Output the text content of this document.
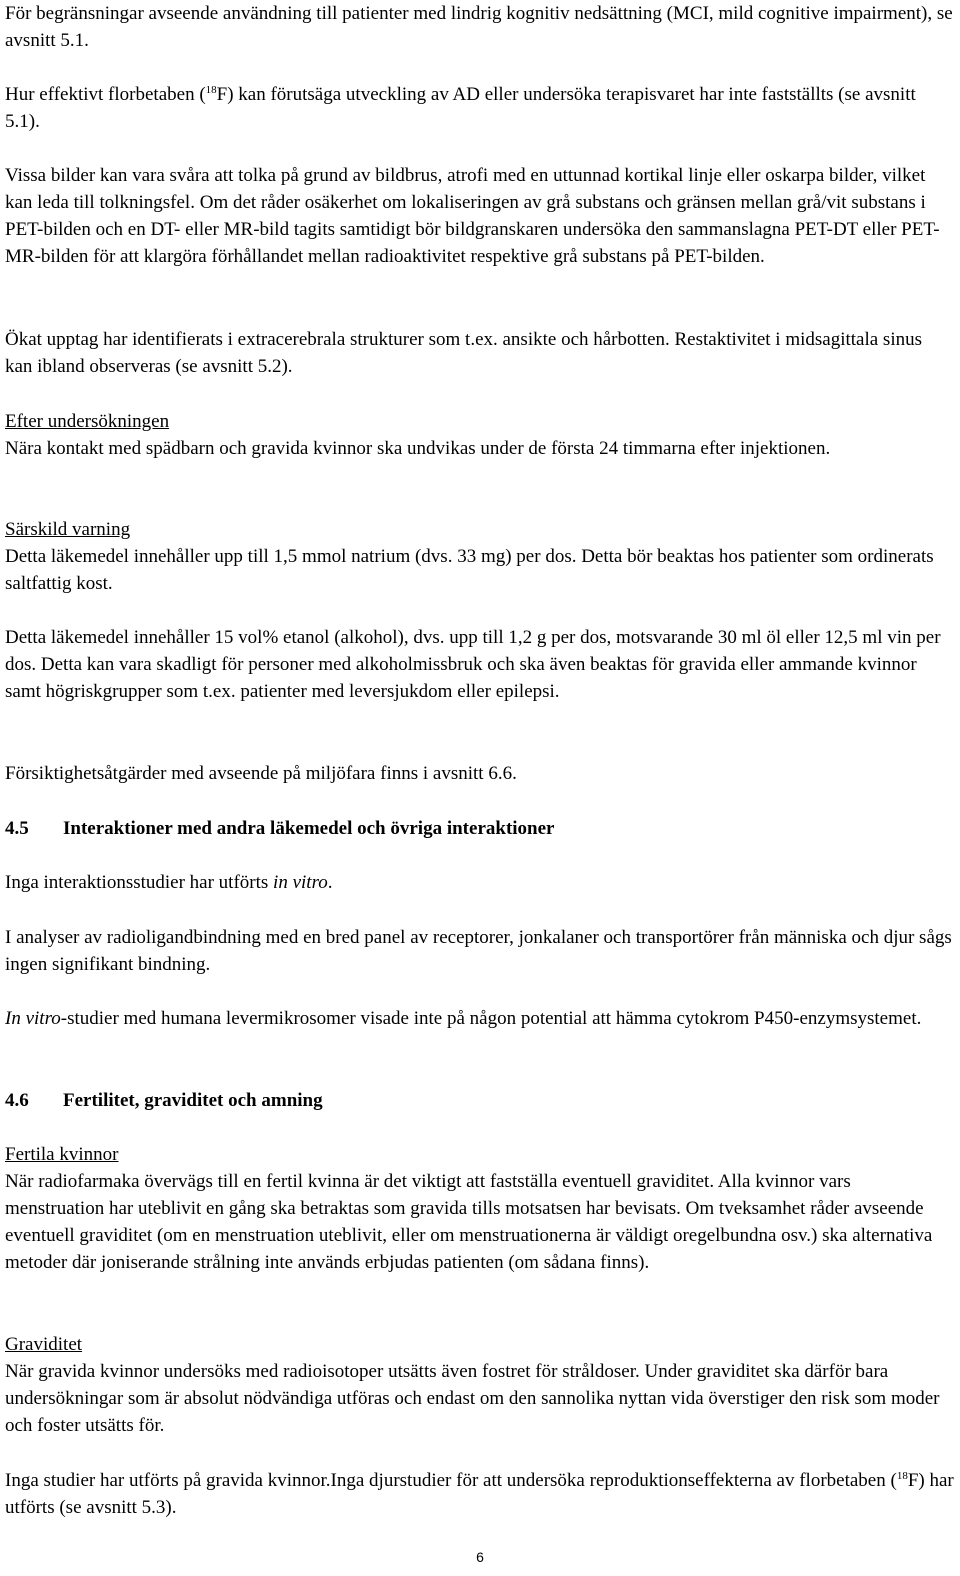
För begränsningar avseende användning till patienter med lindrig kognitiv nedsättning (MCI, mild cognitive impairment), se avsnitt 5.1.

Hur effektivt florbetaben ($^{18}$F) kan förutsäga utveckling av AD eller undersöka terapisvaret har inte fastställts (se avsnitt 5.1).

Vissa bilder kan vara svåra att tolka på grund av bildbrus, atrofi med en uttunnad kortikal linje eller oskarpa bilder, vilket kan leda till tolkningsfel. Om det råder osäkerhet om lokaliseringen av grå substans och gränsen mellan grå/vit substans i PET-bilden och en DT- eller MR-bild tagits samtidigt bör bildgranskaren undersöka den sammanslagna PET-DT eller PET-MR-bilden för att klargöra förhållandet mellan radioaktivitet respektive grå substans på PET-bilden.

Ökat upptag har identifierats i extracerebrala strukturer som t.ex. ansikte och hårbotten. Restaktivitet i midsagittala sinus kan ibland observeras (se avsnitt 5.2).

Efter undersökningen
Nära kontakt med spädbarn och gravida kvinnor ska undvikas under de första 24 timmarna efter injektionen.
Särskild varning
Detta läkemedel innehåller upp till 1,5 mmol natrium (dvs. 33 mg) per dos. Detta bör beaktas hos patienter som ordinerats saltfattig kost.

Detta läkemedel innehåller 15 vol% etanol (alkohol), dvs. upp till 1,2 g per dos, motsvarande 30 ml öl eller 12,5 ml vin per dos. Detta kan vara skadligt för personer med alkoholmissbruk och ska även beaktas för gravida eller ammande kvinnor samt högriskgrupper som t.ex. patienter med leversjukdom eller epilepsi.

Försiktighetsåtgärder med avseende på miljöfara finns i avsnitt 6.6.

4.5 Interaktioner med andra läkemedel och övriga interaktioner

Inga interaktionsstudier har utförts in vitro.

I analyser av radioligandbindning med en bred panel av receptorer, jonkalaner och transportörer från människa och djur sågs ingen signifikant bindning.

In vitro-studier med humana levermikrosomer visade inte på någon potential att hämma cytokrom P450-enzymsystemet.

4.6 Fertilitet, graviditet och amning
Fertila kvinnor
När radiofarmaka övervägs till en fertil kvinna är det viktigt att fastställa eventuell graviditet. Alla kvinnor vars menstruation har uteblivit en gång ska betraktas som gravida tills motsatsen har bevisats. Om tveksamhet råder avseende eventuell graviditet (om en menstruation uteblivit, eller om menstruationerna är väldigt oregelbundna osv.) ska alternativa metoder där joniserande strålning inte används erbjudas patienten (om sådana finns).
Graviditet
När gravida kvinnor undersöks med radioisotoper utsätts även fostret för stråldoser. Under graviditet ska därför bara undersökningar som är absolut nödvändiga utföras och endast om den sannolika nyttan vida överstiger den risk som moder och foster utsätts för.

Inga studier har utförts på gravida kvinnor.Inga djurstudier för att undersöka reproduktionseffekterna av florbetaben ($^{18}$F) har utförts (se avsnitt 5.3).

6
